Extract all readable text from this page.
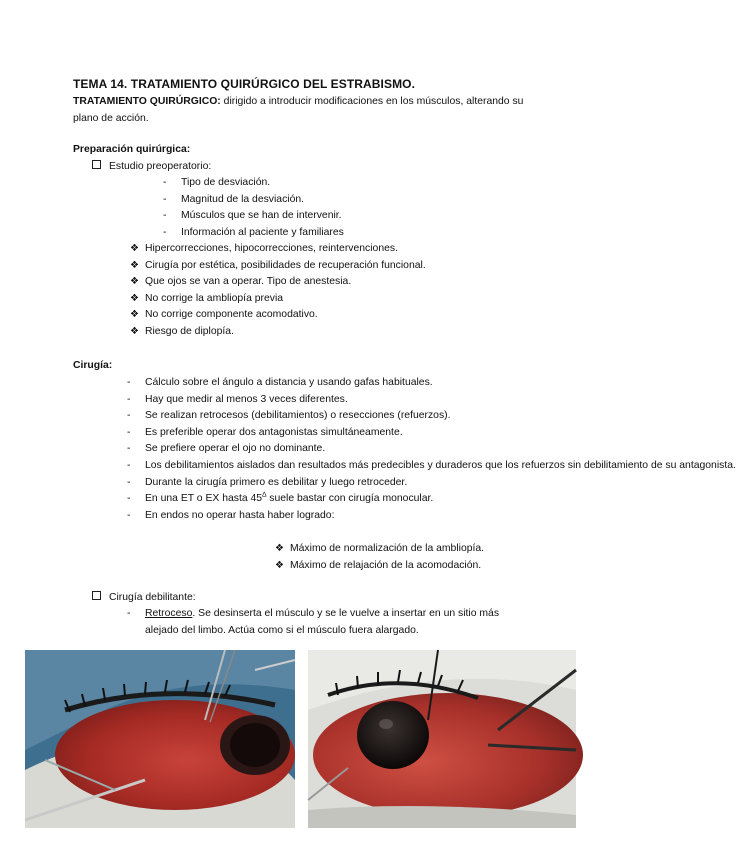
TEMA 14. TRATAMIENTO QUIRÚRGICO DEL ESTRABISMO.
TRATAMIENTO QUIRÚRGICO: dirigido a introducir modificaciones en los músculos, alterando su plano de acción.
Preparación quirúrgica:
Estudio preoperatorio:
- Tipo de desviación.
- Magnitud de la desviación.
- Músculos que se han de intervenir.
- Información al paciente y familiares
❖ Hipercorrecciones, hipocorrecciones, reintervenciones.
❖ Cirugía por estética, posibilidades de recuperación funcional.
❖ Que ojos se van a operar. Tipo de anestesia.
❖ No corrige la ambliopía previa
❖ No corrige componente acomodativo.
❖ Riesgo de diplopía.
Cirugía:
- Cálculo sobre el ángulo a distancia y usando gafas habituales.
- Hay que medir al menos 3 veces diferentes.
- Se realizan retrocesos (debilitamientos) o resecciones (refuerzos).
- Es preferible operar dos antagonistas simultáneamente.
- Se prefiere operar el ojo no dominante.
- Los debilitamientos aislados dan resultados más predecibles y duraderos que los refuerzos sin debilitamiento de su antagonista.
- Durante la cirugía primero es debilitar y luego retroceder.
- En una ET o EX hasta 45∆ suele bastar con cirugía monocular.
- En endos no operar hasta haber logrado:
❖ Máximo de normalización de la ambliopía.
❖ Máximo de relajación de la acomodación.
Cirugía debilitante:
- Retroceso. Se desinserta el músculo y se le vuelve a insertar en un sitio más alejado del limbo. Actúa como si el músculo fuera alargado.
